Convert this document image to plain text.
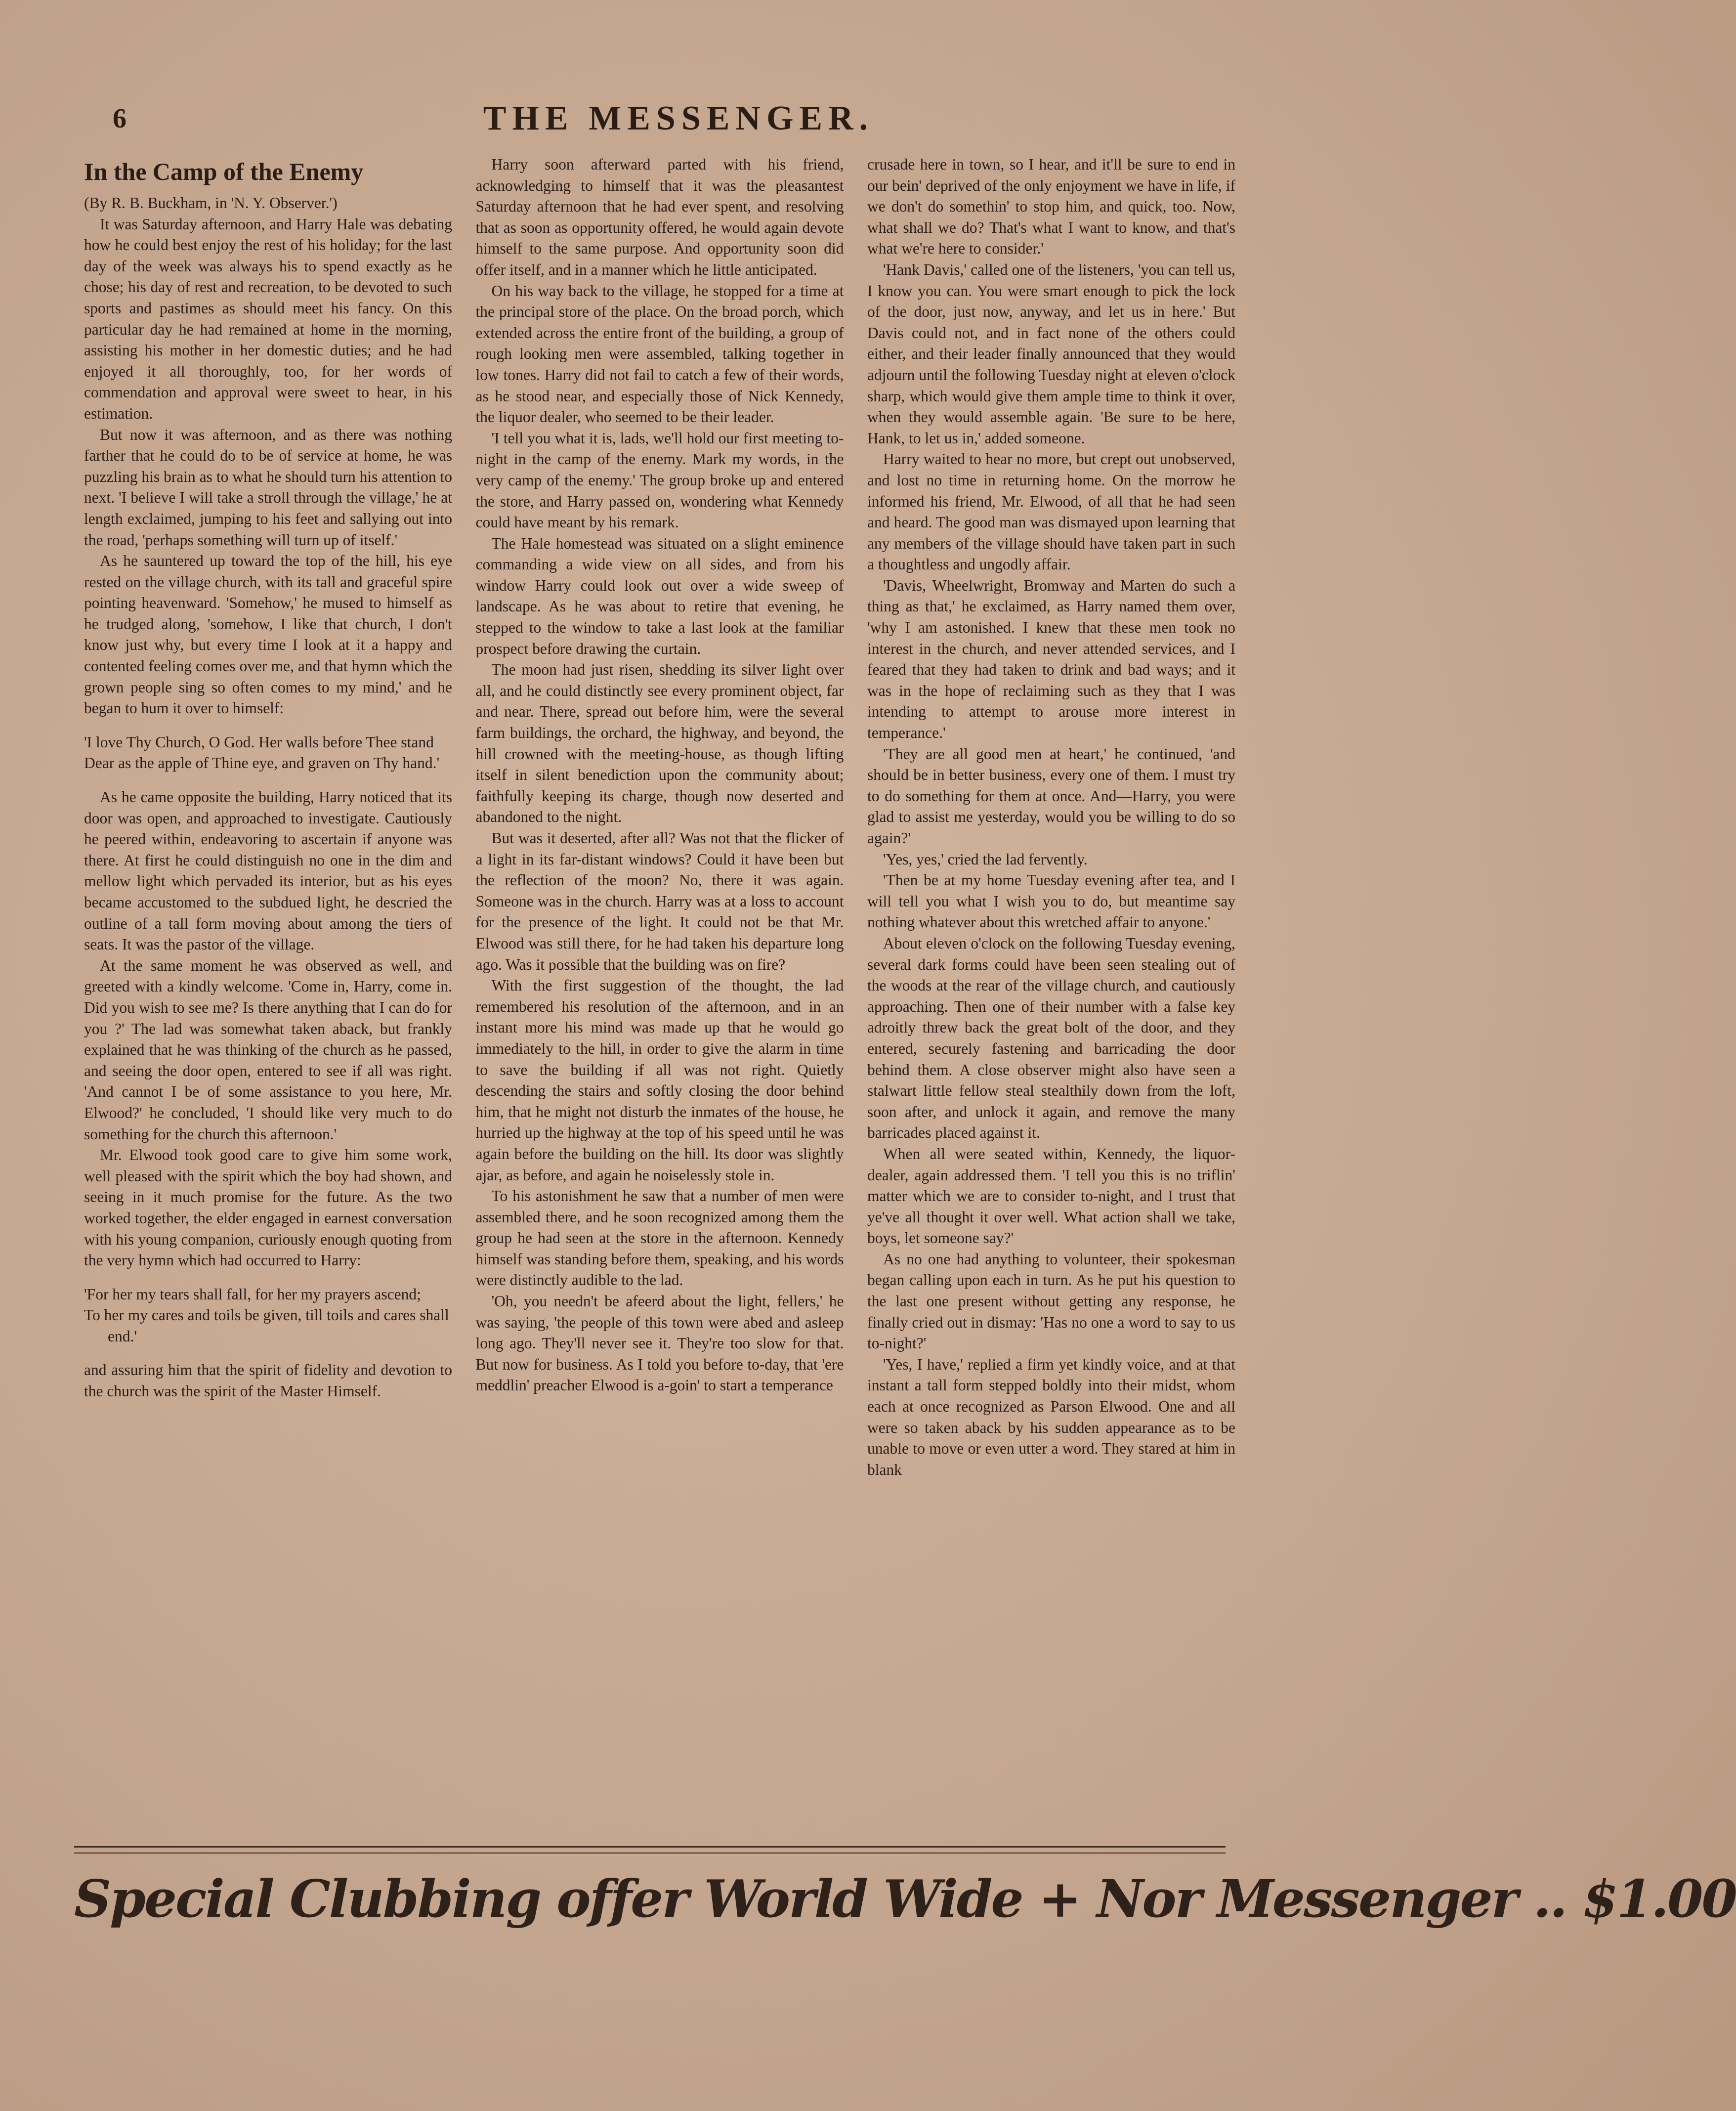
6	THE MESSENGER.
In the Camp of the Enemy

(By R. B. Buckham, in 'N. Y. Observer.')

It was Saturday afternoon, and Harry Hale was debating how he could best enjoy the rest of his holiday; for the last day of the week was always his to spend exactly as he chose; his day of rest and recreation, to be devoted to such sports and pastimes as should meet his fancy. On this particular day he had remained at home in the morning, assisting his mother in her domestic duties; and he had enjoyed it all thoroughly, too, for her words of commendation and approval were sweet to hear, in his estimation.

But now it was afternoon, and as there was nothing farther that he could do to be of service at home, he was puzzling his brain as to what he should turn his attention to next. 'I believe I will take a stroll through the village,' he at length exclaimed, jumping to his feet and sallying out into the road, 'perhaps something will turn up of itself.'

As he sauntered up toward the top of the hill, his eye rested on the village church, with its tall and graceful spire pointing heavenward. 'Somehow,' he mused to himself as he trudged along, 'somehow, I like that church, I don't know just why, but every time I look at it a happy and contented feeling comes over me, and that hymn which the grown people sing so often comes to my mind,' and he began to hum it over to himself:

'I love Thy Church, O God. Her walls before Thee stand
Dear as the apple of Thine eye, and graven on Thy hand.'

As he came opposite the building, Harry noticed that its door was open, and approached to investigate. Cautiously he peered within, endeavoring to ascertain if anyone was there. At first he could distinguish no one in the dim and mellow light which pervaded its interior, but as his eyes became accustomed to the subdued light, he descried the outline of a tall form moving about among the tiers of seats. It was the pastor of the village.

At the same moment he was observed as well, and greeted with a kindly welcome. 'Come in, Harry, come in. Did you wish to see me? Is there anything that I can do for you ?' The lad was somewhat taken aback, but frankly explained that he was thinking of the church as he passed, and seeing the door open, entered to see if all was right. 'And cannot I be of some assistance to you here, Mr. Elwood?' he concluded, 'I should like very much to do something for the church this afternoon.'

Mr. Elwood took good care to give him some work, well pleased with the spirit which the boy had shown, and seeing in it much promise for the future. As the two worked together, the elder engaged in earnest conversation with his young companion, curiously enough quoting from the very hymn which had occurred to Harry:

'For her my tears shall fall, for her my prayers ascend;
To her my cares and toils be given, till toils and cares shall end.'

and assuring him that the spirit of fidelity and devotion to the church was the spirit of the Master Himself.

Harry soon afterward parted with his friend, acknowledging to himself that it was the pleasantest Saturday afternoon that he had ever spent, and resolving that as soon as opportunity offered, he would again devote himself to the same purpose. And opportunity soon did offer itself, and in a manner which he little anticipated.

On his way back to the village, he stopped for a time at the principal store of the place. On the broad porch, which extended across the entire front of the building, a group of rough looking men were assembled, talking together in low tones. Harry did not fail to catch a few of their words, as he stood near, and especially those of Nick Kennedy, the liquor dealer, who seemed to be their leader.

'I tell you what it is, lads, we'll hold our first meeting to-night in the camp of the enemy. Mark my words, in the very camp of the enemy.' The group broke up and entered the store, and Harry passed on, wondering what Kennedy could have meant by his remark.

The Hale homestead was situated on a slight eminence commanding a wide view on all sides, and from his window Harry could look out over a wide sweep of landscape. As he was about to retire that evening, he stepped to the window to take a last look at the familiar prospect before drawing the curtain.

The moon had just risen, shedding its silver light over all, and he could distinctly see every prominent object, far and near. There, spread out before him, were the several farm buildings, the orchard, the highway, and beyond, the hill crowned with the meeting-house, as though lifting itself in silent benediction upon the community about; faithfully keeping its charge, though now deserted and abandoned to the night.

But was it deserted, after all? Was not that the flicker of a light in its far-distant windows? Could it have been but the reflection of the moon? No, there it was again. Someone was in the church. Harry was at a loss to account for the presence of the light. It could not be that Mr. Elwood was still there, for he had taken his departure long ago. Was it possible that the building was on fire?

With the first suggestion of the thought, the lad remembered his resolution of the afternoon, and in an instant more his mind was made up that he would go immediately to the hill, in order to give the alarm in time to save the building if all was not right. Quietly descending the stairs and softly closing the door behind him, that he might not disturb the inmates of the house, he hurried up the highway at the top of his speed until he was again before the building on the hill. Its door was slightly ajar, as before, and again he noiselessly stole in.

To his astonishment he saw that a number of men were assembled there, and he soon recognized among them the group he had seen at the store in the afternoon. Kennedy himself was standing before them, speaking, and his words were distinctly audible to the lad.

'Oh, you needn't be afeerd about the light, fellers,' he was saying, 'the people of this town were abed and asleep long ago. They'll never see it. They're too slow for that. But now for business. As I told you before to-day, that 'ere meddlin' preacher Elwood is a-goin' to start a temperance

crusade here in town, so I hear, and it'll be sure to end in our bein' deprived of the only enjoyment we have in life, if we don't do somethin' to stop him, and quick, too. Now, what shall we do? That's what I want to know, and that's what we're here to consider.'

'Hank Davis,' called one of the listeners, 'you can tell us, I know you can. You were smart enough to pick the lock of the door, just now, anyway, and let us in here.' But Davis could not, and in fact none of the others could either, and their leader finally announced that they would adjourn until the following Tuesday night at eleven o'clock sharp, which would give them ample time to think it over, when they would assemble again. 'Be sure to be here, Hank, to let us in,' added someone.

Harry waited to hear no more, but crept out unobserved, and lost no time in returning home. On the morrow he informed his friend, Mr. Elwood, of all that he had seen and heard. The good man was dismayed upon learning that any members of the village should have taken part in such a thoughtless and ungodly affair.

'Davis, Wheelwright, Bromway and Marten do such a thing as that,' he exclaimed, as Harry named them over, 'why I am astonished. I knew that these men took no interest in the church, and never attended services, and I feared that they had taken to drink and bad ways; and it was in the hope of reclaiming such as they that I was intending to attempt to arouse more interest in temperance.'

'They are all good men at heart,' he continued, 'and should be in better business, every one of them. I must try to do something for them at once. And—Harry, you were glad to assist me yesterday, would you be willing to do so again?'

'Yes, yes,' cried the lad fervently.

'Then be at my home Tuesday evening after tea, and I will tell you what I wish you to do, but meantime say nothing whatever about this wretched affair to anyone.'

About eleven o'clock on the following Tuesday evening, several dark forms could have been seen stealing out of the woods at the rear of the village church, and cautiously approaching. Then one of their number with a false key adroitly threw back the great bolt of the door, and they entered, securely fastening and barricading the door behind them. A close observer might also have seen a stalwart little fellow steal stealthily down from the loft, soon after, and unlock it again, and remove the many barricades placed against it.

When all were seated within, Kennedy, the liquor-dealer, again addressed them. 'I tell you this is no triflin' matter which we are to consider to-night, and I trust that ye've all thought it over well. What action shall we take, boys, let someone say?'

As no one had anything to volunteer, their spokesman began calling upon each in turn. As he put his question to the last one present without getting any response, he finally cried out in dismay: 'Has no one a word to say to us to-night?'

'Yes, I have,' replied a firm yet kindly voice, and at that instant a tall form stepped boldly into their midst, whom each at once recognized as Parson Elwood. One and all were so taken aback by his sudden appearance as to be unable to move or even utter a word. They stared at him in blank

Special Clubbing offer World Wide + Nor Messenger .. $1.00
